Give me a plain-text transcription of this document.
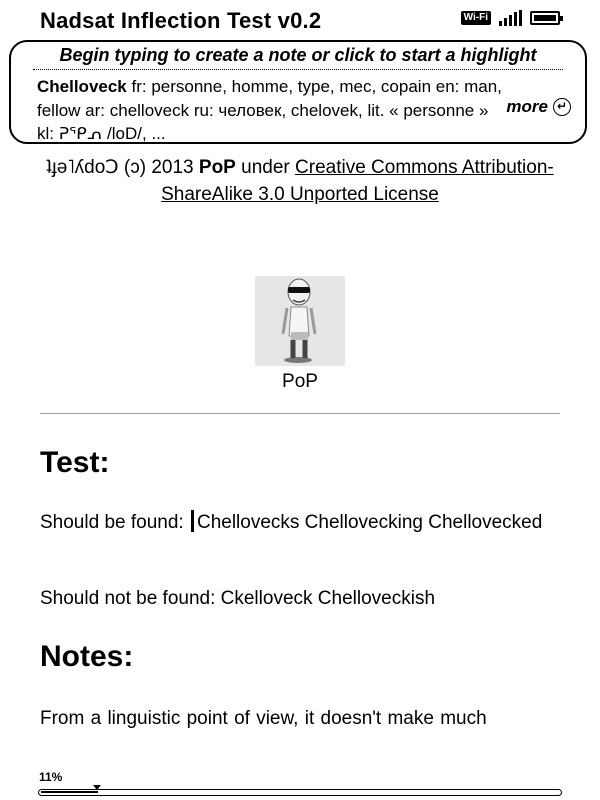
Nadsat Inflection Test v0.2	Wi-Fi
Begin typing to create a note or click to start a highlight
Chelloveck fr: personne, homme, type, mec, copain en: man, fellow ar: chelloveck ru: человек, chelovek, lit. « personne » kl: ᕈᕿᕄ /loD/, ...
more ↵
ʇɟǝ˥ʎdoↃ (ɔ) 2013 PoP under Creative Commons Attribution-ShareAlike 3.0 Unported License
PoP
Test:
Should be found: Chellovecks Chellovecking Chellovecked
Should not be found: Ckelloveck Chelloveckish
Notes:
From a linguistic point of view, it doesn't make much
11%
